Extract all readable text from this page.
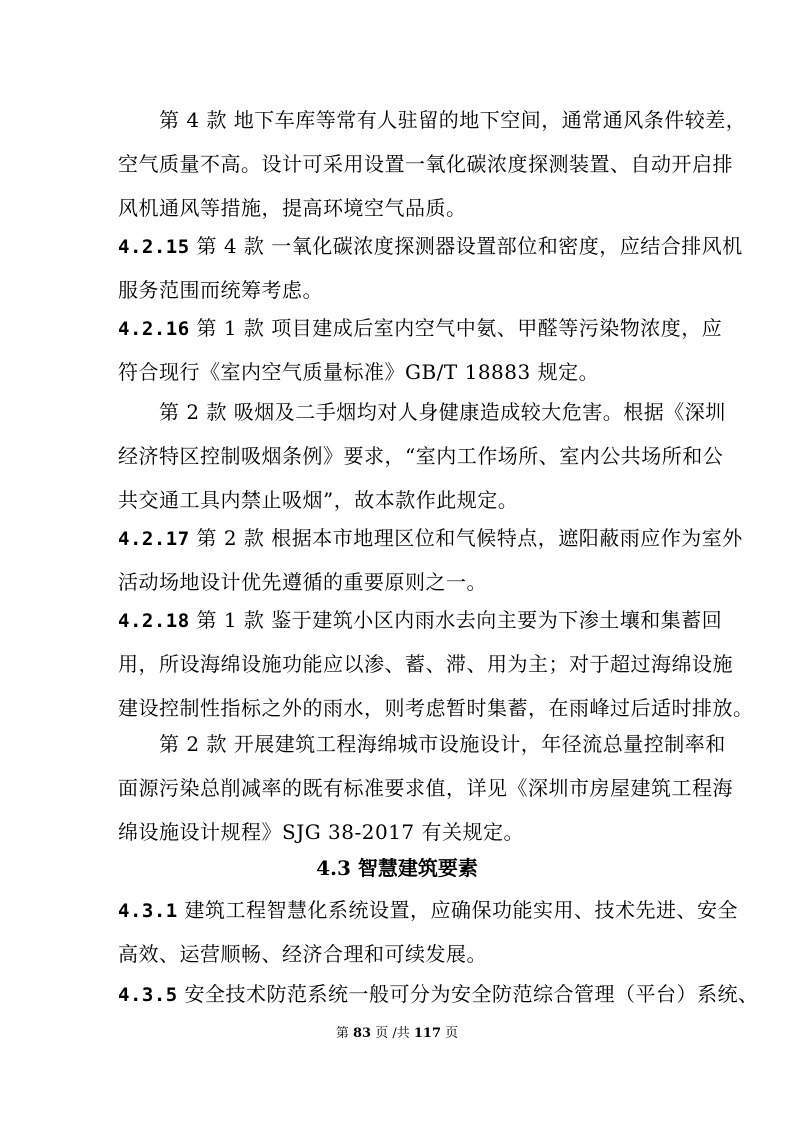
　　第 4 款 地下车库等常有人驻留的地下空间，通常通风条件较差，
空气质量不高。设计可采用设置一氧化碳浓度探测装置、自动开启排
风机通风等措施，提高环境空气品质。
4.2.15 第 4 款 一氧化碳浓度探测器设置部位和密度，应结合排风机
服务范围而统筹考虑。
4.2.16 第 1 款 项目建成后室内空气中氨、甲醛等污染物浓度，应
符合现行《室内空气质量标准》GB/T 18883 规定。
　　第 2 款 吸烟及二手烟均对人身健康造成较大危害。根据《深圳
经济特区控制吸烟条例》要求，“室内工作场所、室内公共场所和公
共交通工具内禁止吸烟”，故本款作此规定。
4.2.17 第 2 款 根据本市地理区位和气候特点，遮阳蔽雨应作为室外
活动场地设计优先遵循的重要原则之一。
4.2.18 第 1 款 鉴于建筑小区内雨水去向主要为下渗土壤和集蓄回
用，所设海绵设施功能应以渗、蓄、滞、用为主；对于超过海绵设施
建设控制性指标之外的雨水，则考虑暂时集蓄，在雨峰过后适时排放。
　　第 2 款 开展建筑工程海绵城市设施设计，年径流总量控制率和
面源污染总削减率的既有标准要求值，详见《深圳市房屋建筑工程海
绵设施设计规程》SJG 38-2017 有关规定。
4.3 智慧建筑要素
4.3.1 建筑工程智慧化系统设置，应确保功能实用、技术先进、安全
高效、运营顺畅、经济合理和可续发展。
4.3.5 安全技术防范系统一般可分为安全防范综合管理（平台）系统、
第 83 页 /共 117 页
